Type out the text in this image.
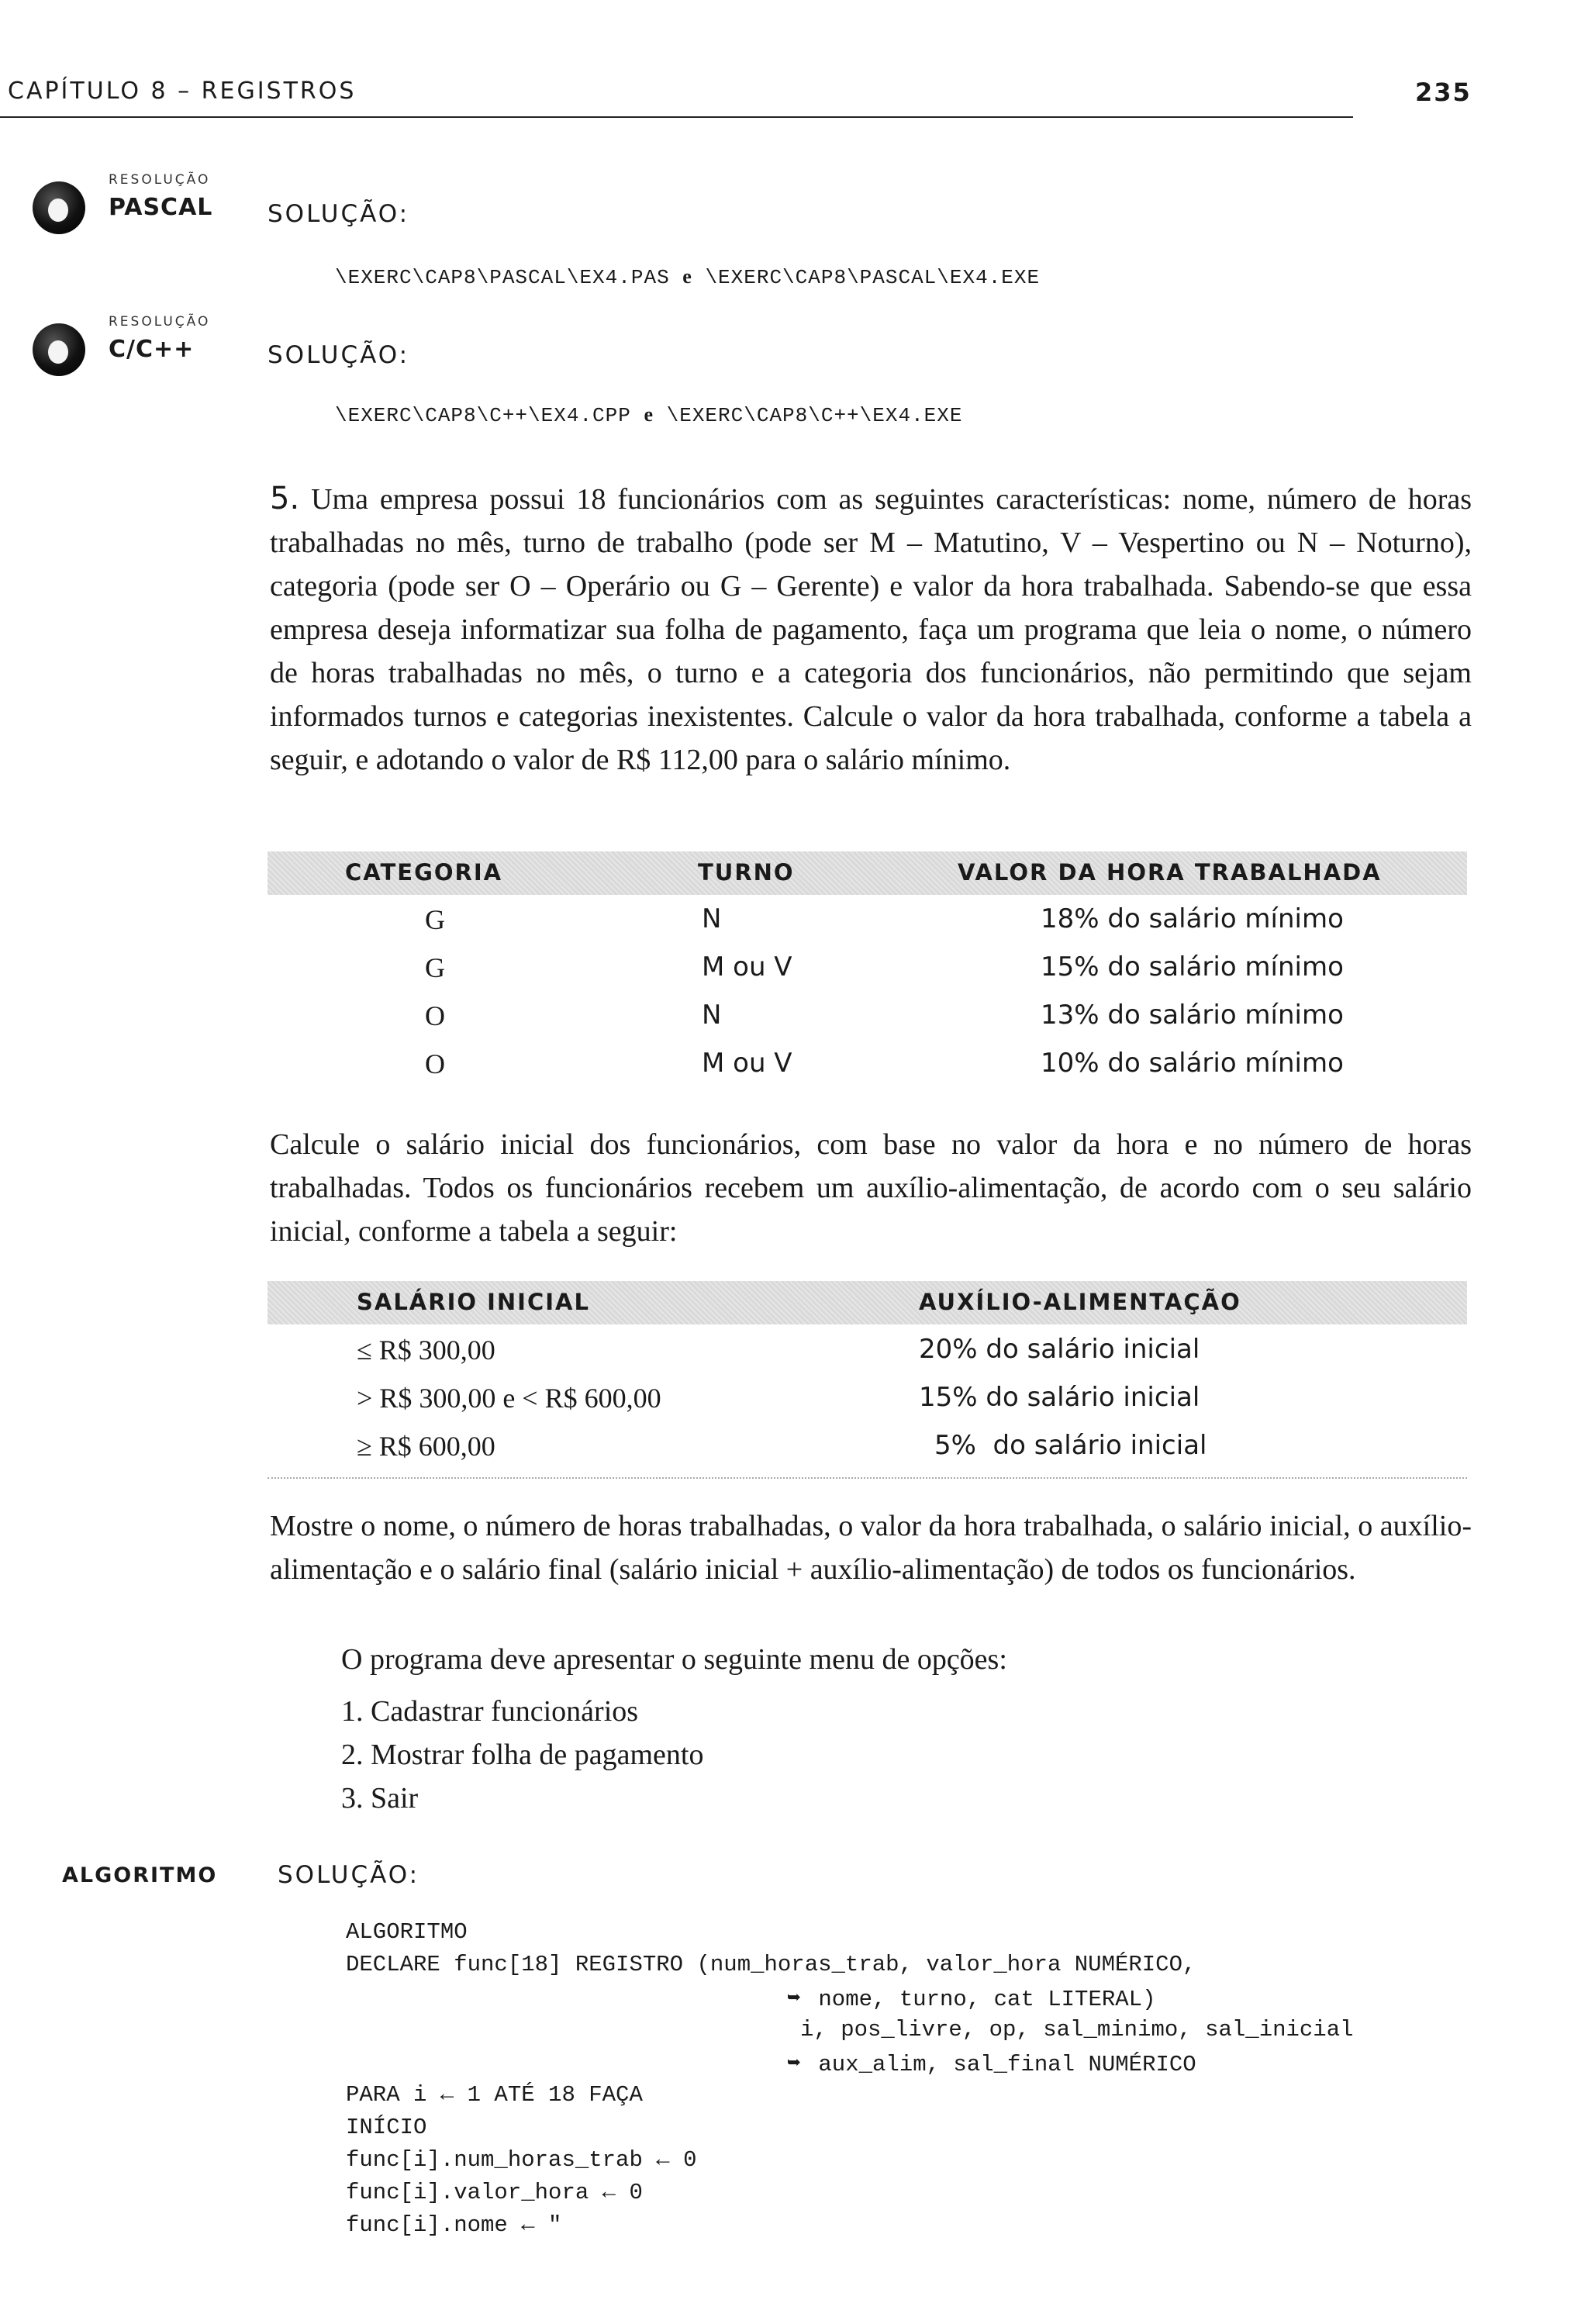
CAPÍTULO 8 – REGISTROS	235
RESOLUÇÃO
PASCAL SOLUÇÃO:
\EXERC\CAP8\PASCAL\EX4.PAS e \EXERC\CAP8\PASCAL\EX4.EXE
RESOLUÇÃO
C/C++	SOLUÇÃO:
\EXERC\CAP8\C++\EX4.CPP e \EXERC\CAP8\C++\EX4.EXE

5. Uma empresa possui 18 funcionários com as seguintes características: nome, número de horas trabalhadas no mês, turno de trabalho (pode ser M – Matutino, V – Vespertino ou N – Noturno), categoria (pode ser O – Operário ou G – Gerente) e valor da hora trabalhada. Sabendo-se que essa empresa deseja informatizar sua folha de pagamento, faça um programa que leia o nome, o número de horas trabalhadas no mês, o turno e a categoria dos funcionários, não permitindo que sejam informados turnos e categorias inexistentes. Calcule o valor da hora trabalhada, conforme a tabela a seguir, e adotando o valor de R$ 112,00 para o salário mínimo.

CATEGORIA	TURNO	VALOR DA HORA TRABALHADA
G	N	18% do salário mínimo
G	M ou V	15% do salário mínimo
O	N	13% do salário mínimo
O	M ou V	10% do salário mínimo

Calcule o salário inicial dos funcionários, com base no valor da hora e no número de horas trabalhadas. Todos os funcionários recebem um auxílio-alimentação, de acordo com o seu salário inicial, conforme a tabela a seguir:

SALÁRIO INICIAL	AUXÍLIO-ALIMENTAÇÃO
≤ R$ 300,00	20% do salário inicial
> R$ 300,00 e < R$ 600,00	15% do salário inicial
≥ R$ 600,00	5%  do salário inicial

Mostre o nome, o número de horas trabalhadas, o valor da hora trabalhada, o salário inicial, o auxílio-alimentação e o salário final (salário inicial + auxílio-alimentação) de todos os funcionários.

O programa deve apresentar o seguinte menu de opções:

1. Cadastrar funcionários
2. Mostrar folha de pagamento
3. Sair
ALGORITMO	SOLUÇÃO:
ALGORITMO
DECLARE func[18] REGISTRO (num_horas_trab, valor_hora NUMÉRICO,
➥ nome, turno, cat LITERAL)
i, pos_livre, op, sal_minimo, sal_inicial
➥ aux_alim, sal_final NUMÉRICO
PARA i ← 1 ATÉ 18 FAÇA
INÍCIO
func[i].num_horas_trab ← 0
func[i].valor_hora ← 0
func[i].nome ← "
